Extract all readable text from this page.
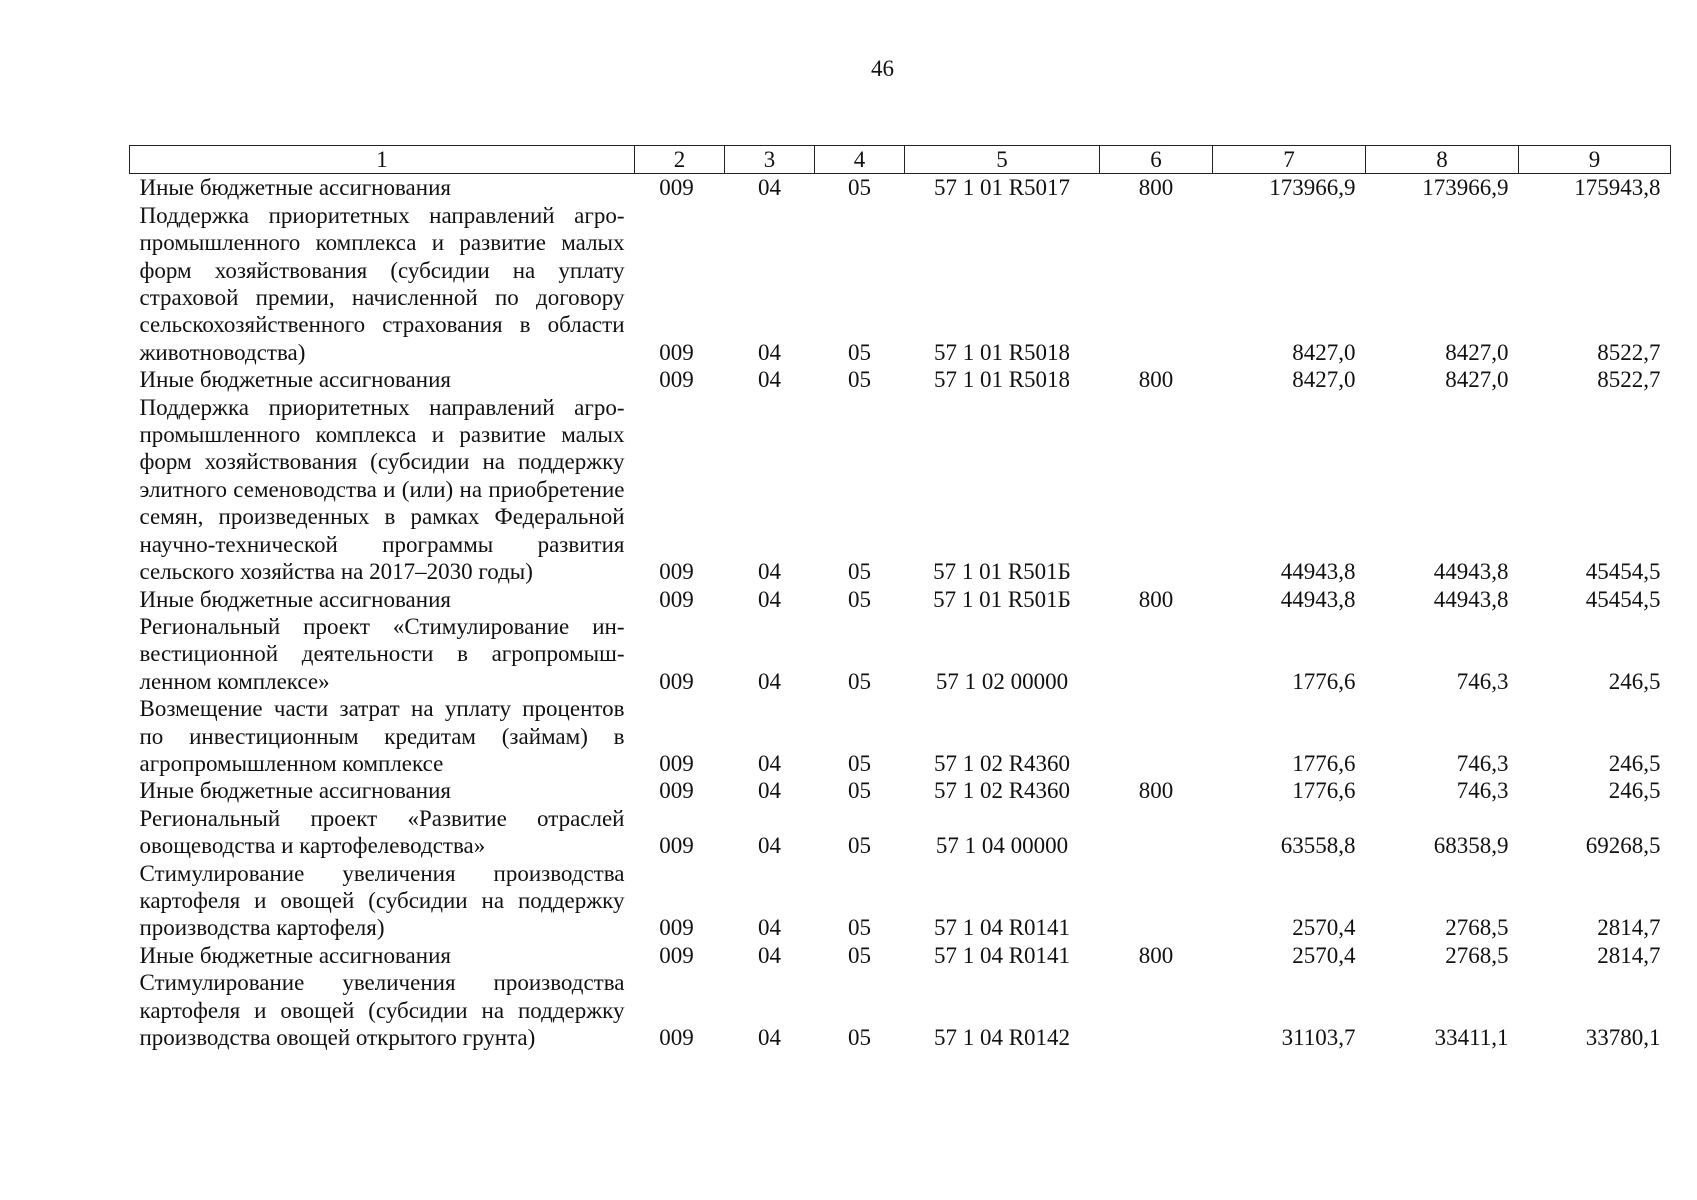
46
1	2	3	4	5	6	7	8	9
Иные бюджетные ассигнования	009	04	05	57 1 01 R5017	800	173966,9	173966,9	175943,8
Поддержка приоритетных направлений агропромышленного комплекса и развитие малых форм хозяйствования (субсидии на уплату страховой премии, начисленной по договору сельскохозяйственного страхования в области животноводства)	009	04	05	57 1 01 R5018		8427,0	8427,0	8522,7
Иные бюджетные ассигнования	009	04	05	57 1 01 R5018	800	8427,0	8427,0	8522,7
Поддержка приоритетных направлений агропромышленного комплекса и развитие малых форм хозяйствования (субсидии на поддержку элитного семеноводства и (или) на приобретение семян, произведенных в рамках Федеральной научно-технической программы развития сельского хозяйства на 2017–2030 годы)	009	04	05	57 1 01 R501Б		44943,8	44943,8	45454,5
Иные бюджетные ассигнования	009	04	05	57 1 01 R501Б	800	44943,8	44943,8	45454,5
Региональный проект «Стимулирование инвестиционной деятельности в агропромышленном комплексе»	009	04	05	57 1 02 00000		1776,6	746,3	246,5
Возмещение части затрат на уплату процентов по инвестиционным кредитам (займам) в агропромышленном комплексе	009	04	05	57 1 02 R4360		1776,6	746,3	246,5
Иные бюджетные ассигнования	009	04	05	57 1 02 R4360	800	1776,6	746,3	246,5
Региональный проект «Развитие отраслей овощеводства и картофелеводства»	009	04	05	57 1 04 00000		63558,8	68358,9	69268,5
Стимулирование увеличения производства картофеля и овощей (субсидии на поддержку производства картофеля)	009	04	05	57 1 04 R0141		2570,4	2768,5	2814,7
Иные бюджетные ассигнования	009	04	05	57 1 04 R0141	800	2570,4	2768,5	2814,7
Стимулирование увеличения производства картофеля и овощей (субсидии на поддержку производства овощей открытого грунта)	009	04	05	57 1 04 R0142		31103,7	33411,1	33780,1
